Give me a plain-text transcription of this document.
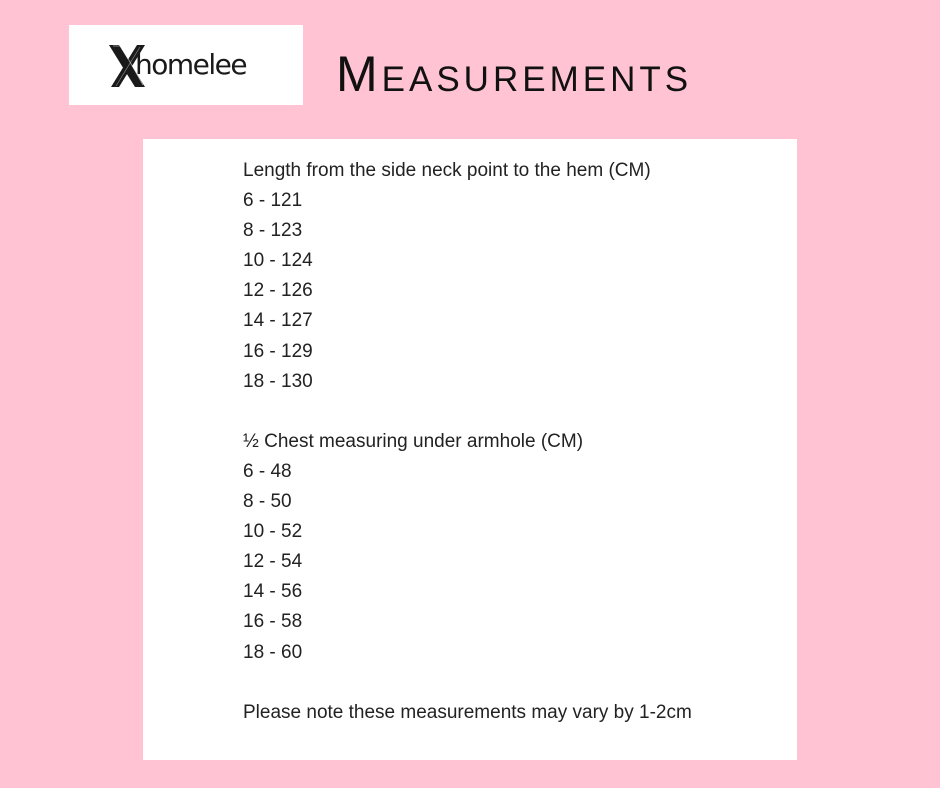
homelee Measurements
Length from the side neck point to the hem (CM)
6 - 121
8 - 123
10 - 124
12 - 126
14 - 127
16 - 129
18 - 130
½ Chest measuring under armhole (CM)
6 - 48
8 - 50
10 - 52
12 - 54
14 - 56
16 - 58
18 - 60
Please note these measurements may vary by 1-2cm
